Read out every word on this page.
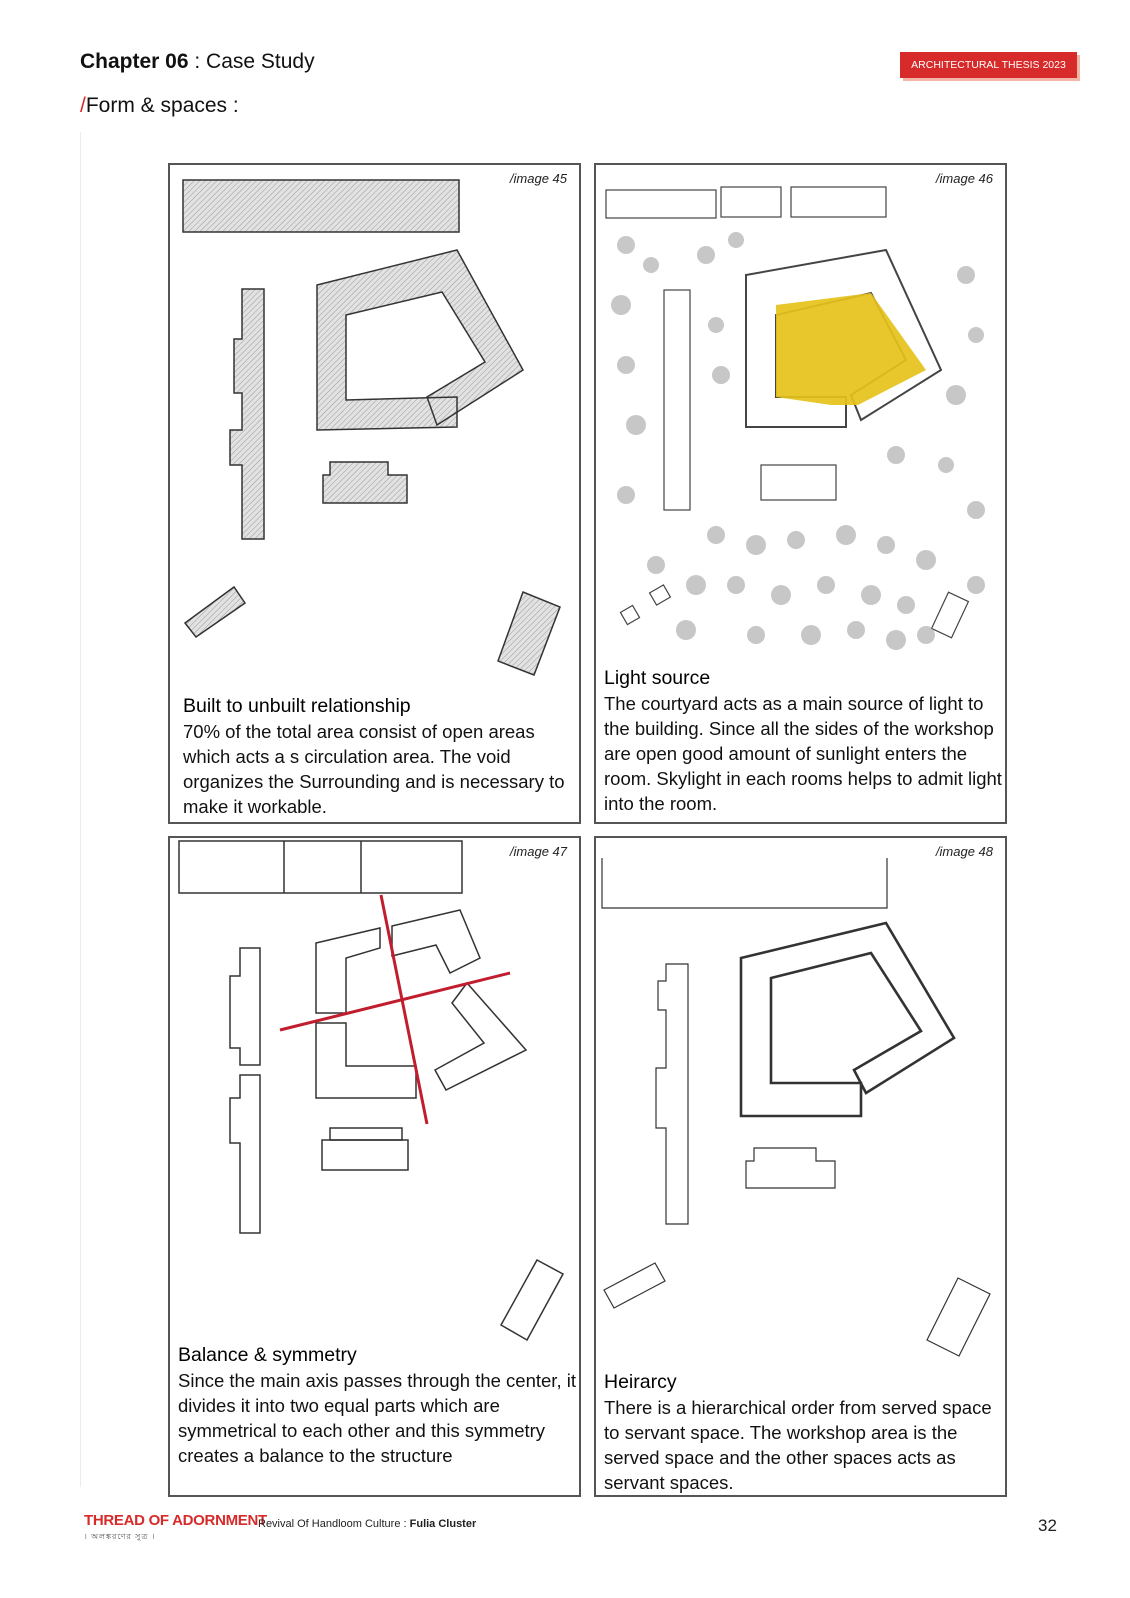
Chapter 06 : Case Study	ARCHITECTURAL THESIS 2023
/Form & spaces :
/image 45
Built to unbuilt relationship

70% of the total area consist of open areas which acts a s circulation area. The void organizes the Surrounding and is necessary to make it workable.

/image 46
Light source

The courtyard acts as a main source of light to the building. Since all the sides of the workshop are open good amount of sunlight enters the room. Skylight in each rooms helps to admit light into the room.

/image 47
Balance & symmetry

Since the main axis passes through the center, it divides it into two equal parts which are symmetrical to each other and this symmetry creates a balance to the structure

/image 48
Heirarcy

There is a hierarchical order from served space to servant space. The workshop area is the served space and the other spaces acts as servant spaces.

THREAD OF ADORNMENT
। অলঙ্করণের সুত্র ।
Revival Of Handloom Culture : Fulia Cluster	32
